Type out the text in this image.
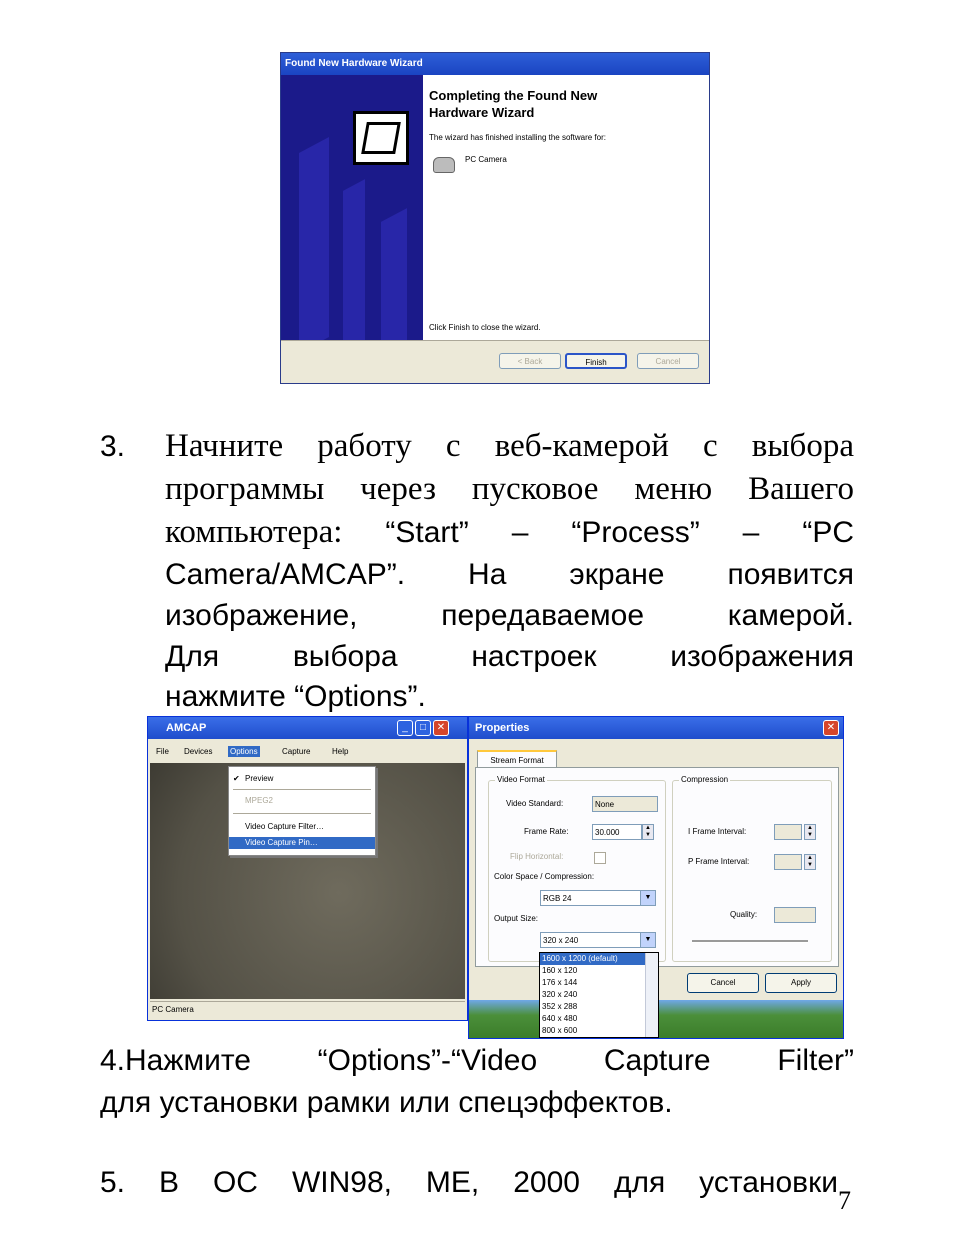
Found New Hardware Wizard
Completing the Found New Hardware Wizard
The wizard has finished installing the software for:
PC Camera
Click Finish to close the wizard.
< Back	Finish	Cancel
3. Начните работу с веб-камерой с выбора
программы через пусковое меню Вашего
компьютера: “Start” – “Process” – “PC
Camera/AMCAP”. На экране появится
изображение, передаваемое камерой.
Для выбора настроек изображения
нажмите “Options”.
AMCAP	_	□	✕
File Devices Options	Capture	Help
✔ Preview
MPEG2
Video Capture Filter…
Video Capture Pin…
PC Camera
Properties	✕
Stream Format
Video Format	Compression
Video Standard:	None
Frame Rate:	30.000	▲
▼
Flip Horizontal:
Color Space / Compression:
RGB 24	▼
Output Size:
320 x 240	▼
I Frame Interval:	▲
▼
P Frame Interval:	▲
▼
Quality:
Cancel	Apply
1600 x 1200 (default)
160 x 120
176 x 144
320 x 240
352 x 288
640 x 480
800 x 600
4.Нажмите “Options”-“Video Capture Filter”
для установки рамки или спецэффектов.
5. В ОС WIN98, ME, 2000 для установки
7
